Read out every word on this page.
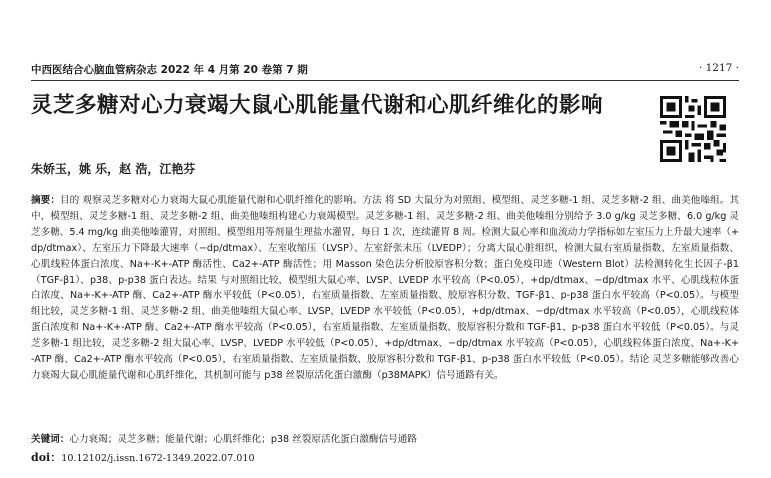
中西医结合心脑血管病杂志 2022 年 4 月第 20 卷第 7 期	· 1217 ·
灵芝多糖对心力衰竭大鼠心肌能量代谢和心肌纤维化的影响
朱娇玉，姚 乐，赵 浩，江艳芬
摘要：目的 观察灵芝多糖对心力衰竭大鼠心肌能量代谢和心肌纤维化的影响。方法 将 SD 大鼠分为对照组、模型组、灵芝多糖-1 组、灵芝多糖-2 组、曲美他嗪组。其中，模型组、灵芝多糖-1 组、灵芝多糖-2 组、曲美他嗪组构建心力衰竭模型。灵芝多糖-1 组、灵芝多糖-2 组、曲美他嗪组分别给予 3.0 g/kg 灵芝多糖、6.0 g/kg 灵芝多糖、5.4 mg/kg 曲美他嗪灌胃，对照组、模型组用等剂量生理盐水灌胃，每日 1 次，连续灌胃 8 周。检测大鼠心率和血流动力学指标如左室压力上升最大速率（+dp/dtmax）、左室压力下降最大速率（−dp/dtmax）、左室收缩压（LVSP）、左室舒张末压（LVEDP）；分离大鼠心脏组织，检测大鼠右室质量指数、左室质量指数、心肌线粒体蛋白浓度、Na+-K+-ATP 酶活性、Ca2+-ATP 酶活性；用 Masson 染色法分析胶原容积分数；蛋白免疫印迹（Western Blot）法检测转化生长因子-β1（TGF-β1）、p38、p-p38 蛋白表达。结果 与对照组比较，模型组大鼠心率、LVSP、LVEDP 水平较高（P<0.05），+dp/dtmax、−dp/dtmax 水平、心肌线粒体蛋白浓度、Na+-K+-ATP 酶、Ca2+-ATP 酶水平较低（P<0.05），右室质量指数、左室质量指数、胶原容积分数、TGF-β1、p-p38 蛋白水平较高（P<0.05）。与模型组比较，灵芝多糖-1 组、灵芝多糖-2 组、曲美他嗪组大鼠心率、LVSP、LVEDP 水平较低（P<0.05），+dp/dtmax、−dp/dtmax 水平较高（P<0.05），心肌线粒体蛋白浓度和 Na+-K+-ATP 酶、Ca2+-ATP 酶水平较高（P<0.05），右室质量指数、左室质量指数、胶原容积分数和 TGF-β1、p-p38 蛋白水平较低（P<0.05）。与灵芝多糖-1 组比较，灵芝多糖-2 组大鼠心率、LVSP、LVEDP 水平较低（P<0.05），+dp/dtmax、−dp/dtmax 水平较高（P<0.05），心肌线粒体蛋白浓度、Na+-K+-ATP 酶、Ca2+-ATP 酶水平较高（P<0.05），右室质量指数、左室质量指数、胶原容积分数和 TGF-β1、p-p38 蛋白水平较低（P<0.05）。结论 灵芝多糖能够改善心力衰竭大鼠心肌能量代谢和心肌纤维化，其机制可能与 p38 丝裂原活化蛋白激酶（p38MAPK）信号通路有关。
关键词：心力衰竭；灵芝多糖；能量代谢；心肌纤维化；p38 丝裂原活化蛋白激酶信号通路
doi：10.12102/j.issn.1672-1349.2022.07.010
